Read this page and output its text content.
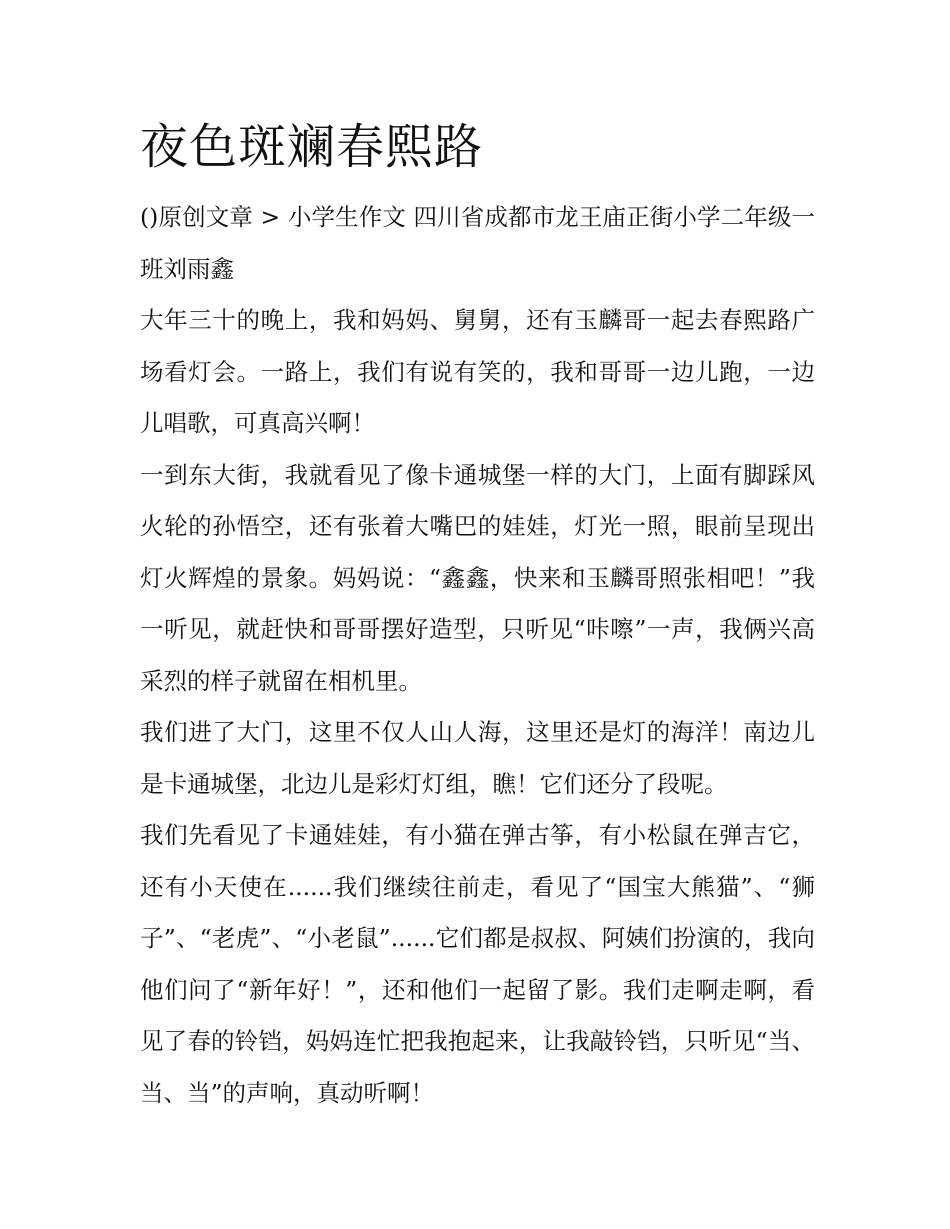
夜色斑斓春熙路

()原创文章 > 小学生作文 四川省成都市龙王庙正街小学二年级一班刘雨鑫

大年三十的晚上，我和妈妈、舅舅，还有玉麟哥一起去春熙路广场看灯会。一路上，我们有说有笑的，我和哥哥一边儿跑，一边儿唱歌，可真高兴啊！

一到东大街，我就看见了像卡通城堡一样的大门，上面有脚踩风火轮的孙悟空，还有张着大嘴巴的娃娃，灯光一照，眼前呈现出灯火辉煌的景象。妈妈说：“鑫鑫，快来和玉麟哥照张相吧！”我一听见，就赶快和哥哥摆好造型，只听见“咔嚓”一声，我俩兴高采烈的样子就留在相机里。

我们进了大门，这里不仅人山人海，这里还是灯的海洋！南边儿是卡通城堡，北边儿是彩灯灯组，瞧！它们还分了段呢。

我们先看见了卡通娃娃，有小猫在弹古筝，有小松鼠在弹吉它，还有小天使在......我们继续往前走，看见了“国宝大熊猫”、“狮子”、“老虎”、“小老鼠”......它们都是叔叔、阿姨们扮演的，我向他们问了“新年好！”，还和他们一起留了影。我们走啊走啊，看见了春的铃铛，妈妈连忙把我抱起来，让我敲铃铛，只听见“当、当、当”的声响，真动听啊！
